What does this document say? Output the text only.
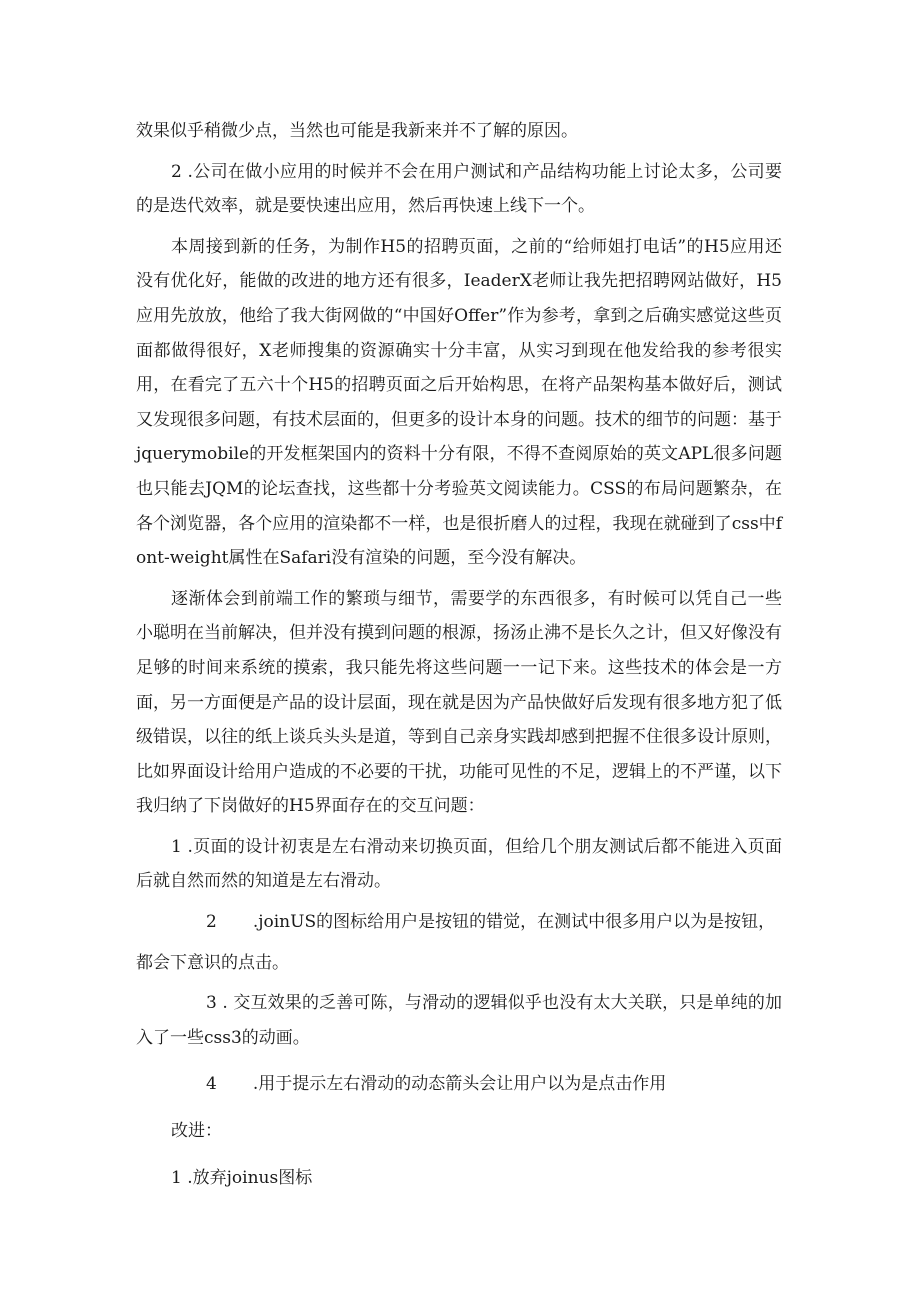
效果似乎稍微少点，当然也可能是我新来并不了解的原因。

2 .公司在做小应用的时候并不会在用户测试和产品结构功能上讨论太多，公司要的是迭代效率，就是要快速出应用，然后再快速上线下一个。

本周接到新的任务，为制作H5的招聘页面，之前的“给师姐打电话”的H5应用还没有优化好，能做的改进的地方还有很多，IeaderX老师让我先把招聘网站做好，H5应用先放放，他给了我大街网做的“中国好Offer”作为参考，拿到之后确实感觉这些页面都做得很好，X老师搜集的资源确实十分丰富，从实习到现在他发给我的参考很实用，在看完了五六十个H5的招聘页面之后开始构思，在将产品架构基本做好后，测试又发现很多问题，有技术层面的，但更多的设计本身的问题。技术的细节的问题：基于jquerymobile的开发框架国内的资料十分有限，不得不查阅原始的英文APL很多问题也只能去JQM的论坛查找，这些都十分考验英文阅读能力。CSS的布局问题繁杂，在各个浏览器，各个应用的渲染都不一样，也是很折磨人的过程，我现在就碰到了css中font-weight属性在Safari没有渲染的问题，至今没有解决。

逐渐体会到前端工作的繁琐与细节，需要学的东西很多，有时候可以凭自己一些小聪明在当前解决，但并没有摸到问题的根源，扬汤止沸不是长久之计，但又好像没有足够的时间来系统的摸索，我只能先将这些问题一一记下来。这些技术的体会是一方面，另一方面便是产品的设计层面，现在就是因为产品快做好后发现有很多地方犯了低级错误，以往的纸上谈兵头头是道，等到自己亲身实践却感到把握不住很多设计原则，比如界面设计给用户造成的不必要的干扰，功能可见性的不足，逻辑上的不严谨，以下我归纳了下岗做好的H5界面存在的交互问题：

1 .页面的设计初衷是左右滑动来切换页面，但给几个朋友测试后都不能进入页面后就自然而然的知道是左右滑动。

2 .joinUS的图标给用户是按钮的错觉，在测试中很多用户以为是按钮，

都会下意识的点击。

3 . 交互效果的乏善可陈，与滑动的逻辑似乎也没有太大关联，只是单纯的加入了一些css3的动画。

4 .用于提示左右滑动的动态箭头会让用户以为是点击作用

改进：

1 .放弃joinus图标
